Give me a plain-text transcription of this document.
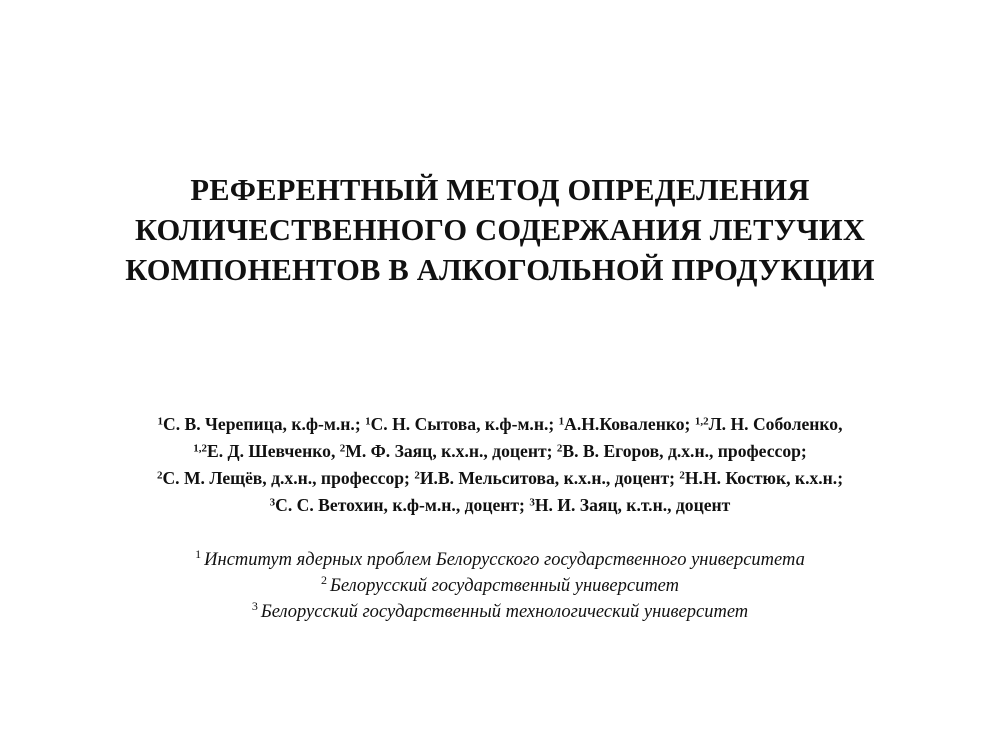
РЕФЕРЕНТНЫЙ МЕТОД ОПРЕДЕЛЕНИЯ
КОЛИЧЕСТВЕННОГО СОДЕРЖАНИЯ ЛЕТУЧИХ
КОМПОНЕНТОВ В АЛКОГОЛЬНОЙ ПРОДУКЦИИ
$^1$С. В. Черепица, к.ф-м.н.; $^1$С. Н. Сытова, к.ф-м.н.; $^1$А.Н.Коваленко; $^{1,2}$Л. Н. Соболенко,
$^{1,2}$Е. Д. Шевченко, $^2$М. Ф. Заяц, к.х.н., доцент; $^2$В. В. Егоров, д.х.н., профессор;
$^2$С. М. Лещёв, д.х.н., профессор; $^2$И.В. Мельситова, к.х.н., доцент; $^2$Н.Н. Костюк, к.х.н.;
$^3$С. С. Ветохин, к.ф-м.н., доцент; $^3$Н. И. Заяц, к.т.н., доцент
$^1$ Институт ядерных проблем Белорусского государственного университета
$^2$ Белорусский государственный университет
$^3$ Белорусский государственный технологический университет
